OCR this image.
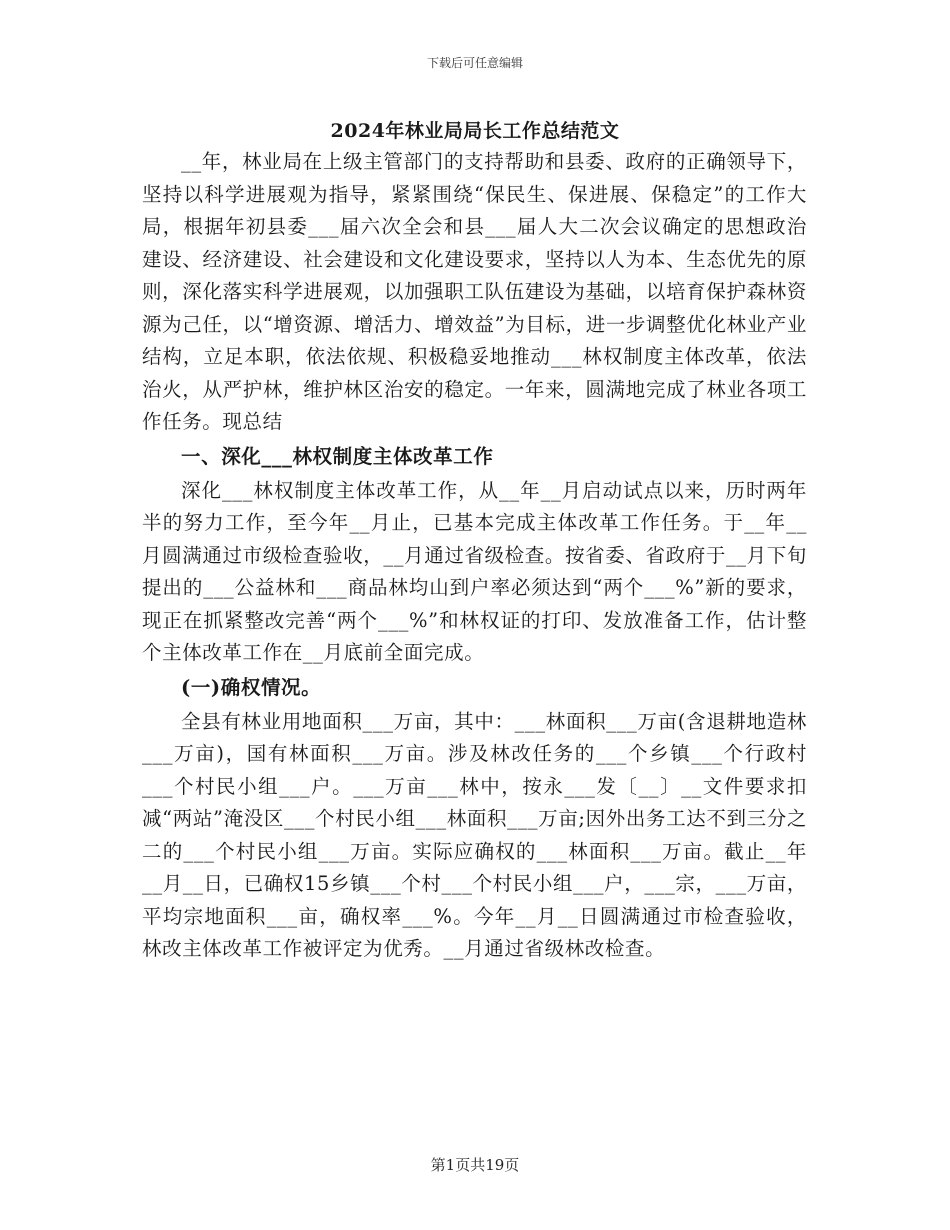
下载后可任意编辑
2024年林业局局长工作总结范文

__年，林业局在上级主管部门的支持帮助和县委、政府的正确领导下，坚持以科学进展观为指导，紧紧围绕“保民生、保进展、保稳定”的工作大局，根据年初县委___届六次全会和县___届人大二次会议确定的思想政治建设、经济建设、社会建设和文化建设要求，坚持以人为本、生态优先的原则，深化落实科学进展观，以加强职工队伍建设为基础，以培育保护森林资源为己任，以“增资源、增活力、增效益”为目标，进一步调整优化林业产业结构，立足本职，依法依规、积极稳妥地推动___林权制度主体改革，依法治火，从严护林，维护林区治安的稳定。一年来，圆满地完成了林业各项工作任务。现总结

一、深化___林权制度主体改革工作

深化___林权制度主体改革工作，从__年__月启动试点以来，历时两年半的努力工作，至今年__月止，已基本完成主体改革工作任务。于__年__月圆满通过市级检查验收，__月通过省级检查。按省委、省政府于__月下旬提出的___公益林和___商品林均山到户率必须达到“两个___%”新的要求，现正在抓紧整改完善“两个___%”和林权证的打印、发放准备工作，估计整个主体改革工作在__月底前全面完成。

(一)确权情况。

全县有林业用地面积___万亩，其中：___林面积___万亩(含退耕地造林___万亩)，国有林面积___万亩。涉及林改任务的___个乡镇___个行政村___个村民小组___户。___万亩___林中，按永___发〔__〕__文件要求扣减“两站”淹没区___个村民小组___林面积___万亩;因外出务工达不到三分之二的___个村民小组___万亩。实际应确权的___林面积___万亩。截止__年__月__日，已确权15乡镇___个村___个村民小组___户，___宗，___万亩，平均宗地面积___亩，确权率___%。今年__月__日圆满通过市检查验收，林改主体改革工作被评定为优秀。__月通过省级林改检查。

第1页共19页
